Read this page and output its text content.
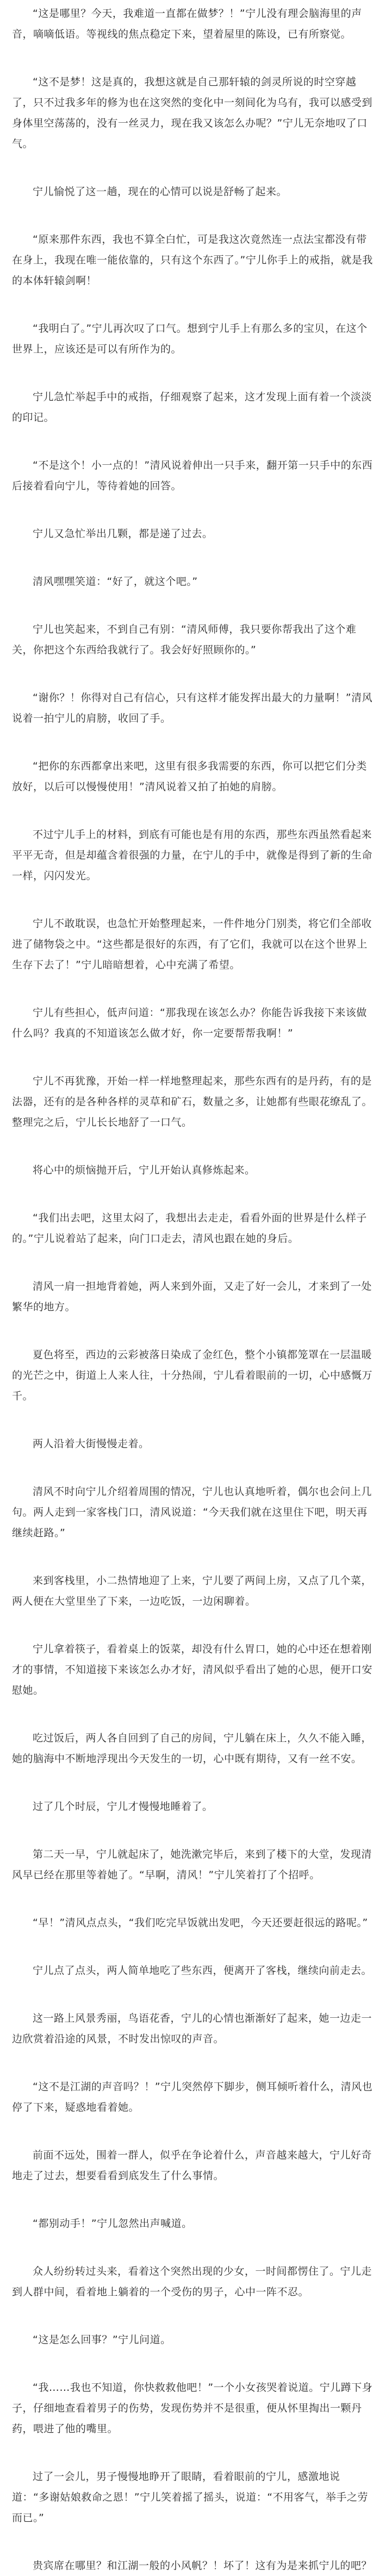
“这是哪里？今天，我难道一直都在做梦？！”宁儿没有理会脑海里的声音，嘀嘀低语。等视线的焦点稳定下来，望着屋里的陈设，已有所察觉。

“这不是梦！这是真的，我想这就是自己那轩辕的剑灵所说的时空穿越了，只不过我多年的修为也在这突然的变化中一刻间化为乌有，我可以感受到身体里空荡荡的，没有一丝灵力，现在我又该怎么办呢？”宁儿无奈地叹了口气。

宁儿愉悦了这一趟，现在的心情可以说是舒畅了起来。

“原来那件东西，我也不算全白忙，可是我这次竟然连一点法宝都没有带在身上，我现在唯一能依靠的，只有这个东西了。”宁儿你手上的戒指，就是我的本体轩辕剑啊！

“我明白了。”宁儿再次叹了口气。想到宁儿手上有那么多的宝贝，在这个世界上，应该还是可以有所作为的。

宁儿急忙举起手中的戒指，仔细观察了起来，这才发现上面有着一个淡淡的印记。

“不是这个！小一点的！”清风说着伸出一只手来，翻开第一只手中的东西后接着看向宁儿，等待着她的回答。

宁儿又急忙举出几颗，都是递了过去。

清风嘿嘿笑道：“好了，就这个吧。”

宁儿也笑起来，不到自己有别：“清风师傅，我只要你帮我出了这个难关，你把这个东西给我就行了。我会好好照顾你的。”

“谢你？！你得对自己有信心，只有这样才能发挥出最大的力量啊！”清风说着一拍宁儿的肩膀，收回了手。

“把你的东西都拿出来吧，这里有很多我需要的东西，你可以把它们分类放好，以后可以慢慢使用！”清风说着又拍了拍她的肩膀。

不过宁儿手上的材料，到底有可能也是有用的东西，那些东西虽然看起来平平无奇，但是却蕴含着很强的力量，在宁儿的手中，就像是得到了新的生命一样，闪闪发光。

宁儿不敢耽误，也急忙开始整理起来，一件件地分门别类，将它们全部收进了储物袋之中。“这些都是很好的东西，有了它们，我就可以在这个世界上生存下去了！”宁儿暗暗想着，心中充满了希望。

宁儿有些担心，低声问道：“那我现在该怎么办？你能告诉我接下来该做什么吗？我真的不知道该怎么做才好，你一定要帮帮我啊！”

宁儿不再犹豫，开始一样一样地整理起来，那些东西有的是丹药，有的是法器，还有的是各种各样的灵草和矿石，数量之多，让她都有些眼花缭乱了。整理完之后，宁儿长长地舒了一口气。

将心中的烦恼抛开后，宁儿开始认真修炼起来。

“我们出去吧，这里太闷了，我想出去走走，看看外面的世界是什么样子的。”宁儿说着站了起来，向门口走去，清风也跟在她的身后。

清风一肩一担地背着她，两人来到外面，又走了好一会儿，才来到了一处繁华的地方。

夏色将至，西边的云彩被落日染成了金红色，整个小镇都笼罩在一层温暖的光芒之中，街道上人来人往，十分热闹，宁儿看着眼前的一切，心中感慨万千。

两人沿着大街慢慢走着。

清风不时向宁儿介绍着周围的情况，宁儿也认真地听着，偶尔也会问上几句。两人走到一家客栈门口，清风说道：“今天我们就在这里住下吧，明天再继续赶路。”

来到客栈里，小二热情地迎了上来，宁儿要了两间上房，又点了几个菜，两人便在大堂里坐了下来，一边吃饭，一边闲聊着。

宁儿拿着筷子，看着桌上的饭菜，却没有什么胃口，她的心中还在想着刚才的事情，不知道接下来该怎么办才好，清风似乎看出了她的心思，便开口安慰她。

吃过饭后，两人各自回到了自己的房间，宁儿躺在床上，久久不能入睡，她的脑海中不断地浮现出今天发生的一切，心中既有期待，又有一丝不安。

过了几个时辰，宁儿才慢慢地睡着了。

第二天一早，宁儿就起床了，她洗漱完毕后，来到了楼下的大堂，发现清风早已经在那里等着她了。“早啊，清风！”宁儿笑着打了个招呼。

“早！”清风点点头，“我们吃完早饭就出发吧，今天还要赶很远的路呢。”

宁儿点了点头，两人简单地吃了些东西，便离开了客栈，继续向前走去。

这一路上风景秀丽，鸟语花香，宁儿的心情也渐渐好了起来，她一边走一边欣赏着沿途的风景，不时发出惊叹的声音。

“这不是江湖的声音吗？！”宁儿突然停下脚步，侧耳倾听着什么，清风也停了下来，疑惑地看着她。

前面不远处，围着一群人，似乎在争论着什么，声音越来越大，宁儿好奇地走了过去，想要看看到底发生了什么事情。

“都别动手！”宁儿忽然出声喊道。

众人纷纷转过头来，看着这个突然出现的少女，一时间都愣住了。宁儿走到人群中间，看着地上躺着的一个受伤的男子，心中一阵不忍。

“这是怎么回事？”宁儿问道。

“我……我也不知道，你快救救他吧！”一个小女孩哭着说道。宁儿蹲下身子，仔细地查看着男子的伤势，发现伤势并不是很重，便从怀里掏出一颗丹药，喂进了他的嘴里。

过了一会儿，男子慢慢地睁开了眼睛，看着眼前的宁儿，感激地说道：“多谢姑娘救命之恩！”宁儿笑着摇了摇头，说道：“不用客气，举手之劳而已。”

贵宾席在哪里？和江湖一般的小风帆？！坏了！这有为是来抓宁儿的吧？
